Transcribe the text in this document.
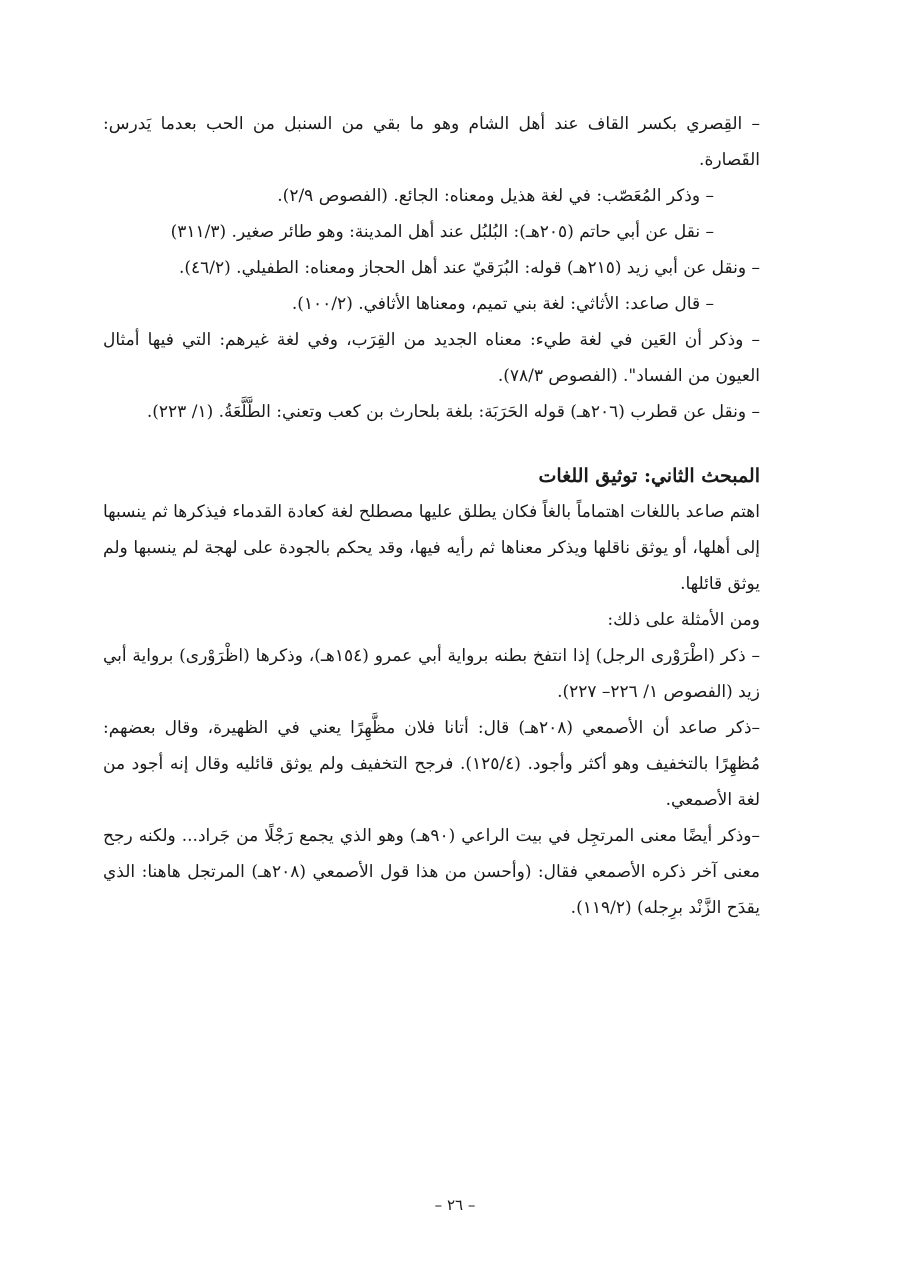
– القِصري بكسر القاف عند أهل الشام وهو ما بقي من السنبل من الحب بعدما يَدرس: القَصارة.

– وذكر المُعَصّب: في لغة هذيل ومعناه: الجائع. (الفصوص ٢/٩).

– نقل عن أبي حاتم (٢٠٥هـ): البُلبُل عند أهل المدينة: وهو طائر صغير. (٣١١/٣)

– ونقل عن أبي زيد (٢١٥هـ) قوله: البُرَقيّ عند أهل الحجاز ومعناه: الطفيلي. (٤٦/٢).

– قال صاعد: الأثاثي: لغة بني تميم، ومعناها الأثافي. (١٠٠/٢).

– وذكر أن العَين في لغة طيء: معناه الجديد من القِرَب، وفي لغة غيرهم: التي فيها أمثال العيون من الفساد". (الفصوص ٧٨/٣).

– ونقل عن قطرب (٢٠٦هـ) قوله الحَرَبَة: بلغة بلحارث بن كعب وتعني: الطَّلَّعَةُ. (١/ ٢٢٣).

المبحث الثاني: توثيق اللغات

اهتم صاعد باللغات اهتماماً بالغاً فكان يطلق عليها مصطلح لغة كعادة القدماء فيذكرها ثم ينسبها إلى أهلها، أو يوثق ناقلها ويذكر معناها ثم رأيه فيها، وقد يحكم بالجودة على لهجة لم ينسبها ولم يوثق قائلها.

ومن الأمثلة على ذلك:

– ذكر (اطْرَوْرى الرجل) إذا انتفخ بطنه برواية أبي عمرو (١٥٤هـ)، وذكرها (اظْرَوْرى) برواية أبي زيد (الفصوص ١/ ٢٢٦– ٢٢٧).

–ذكر صاعد أن الأصمعي (٢٠٨هـ) قال: أتانا فلان مظَّهِرًا يعني في الظهيرة، وقال بعضهم: مُظهِرًا بالتخفيف وهو أكثر وأجود. (١٢٥/٤). فرجح التخفيف ولم يوثق قائليه وقال إنه أجود من لغة الأصمعي.

–وذكر أيضًا معنى المرتجِل في بيت الراعي (٩٠هـ) وهو الذي يجمع رَجْلًا من جَراد... ولكنه رجح معنى آخر ذكره الأصمعي فقال: (وأحسن من هذا قول الأصمعي (٢٠٨هـ) المرتجل هاهنا: الذي يقدَح الزَّنْد برِجله) (١١٩/٢).

– ٢٦ –
